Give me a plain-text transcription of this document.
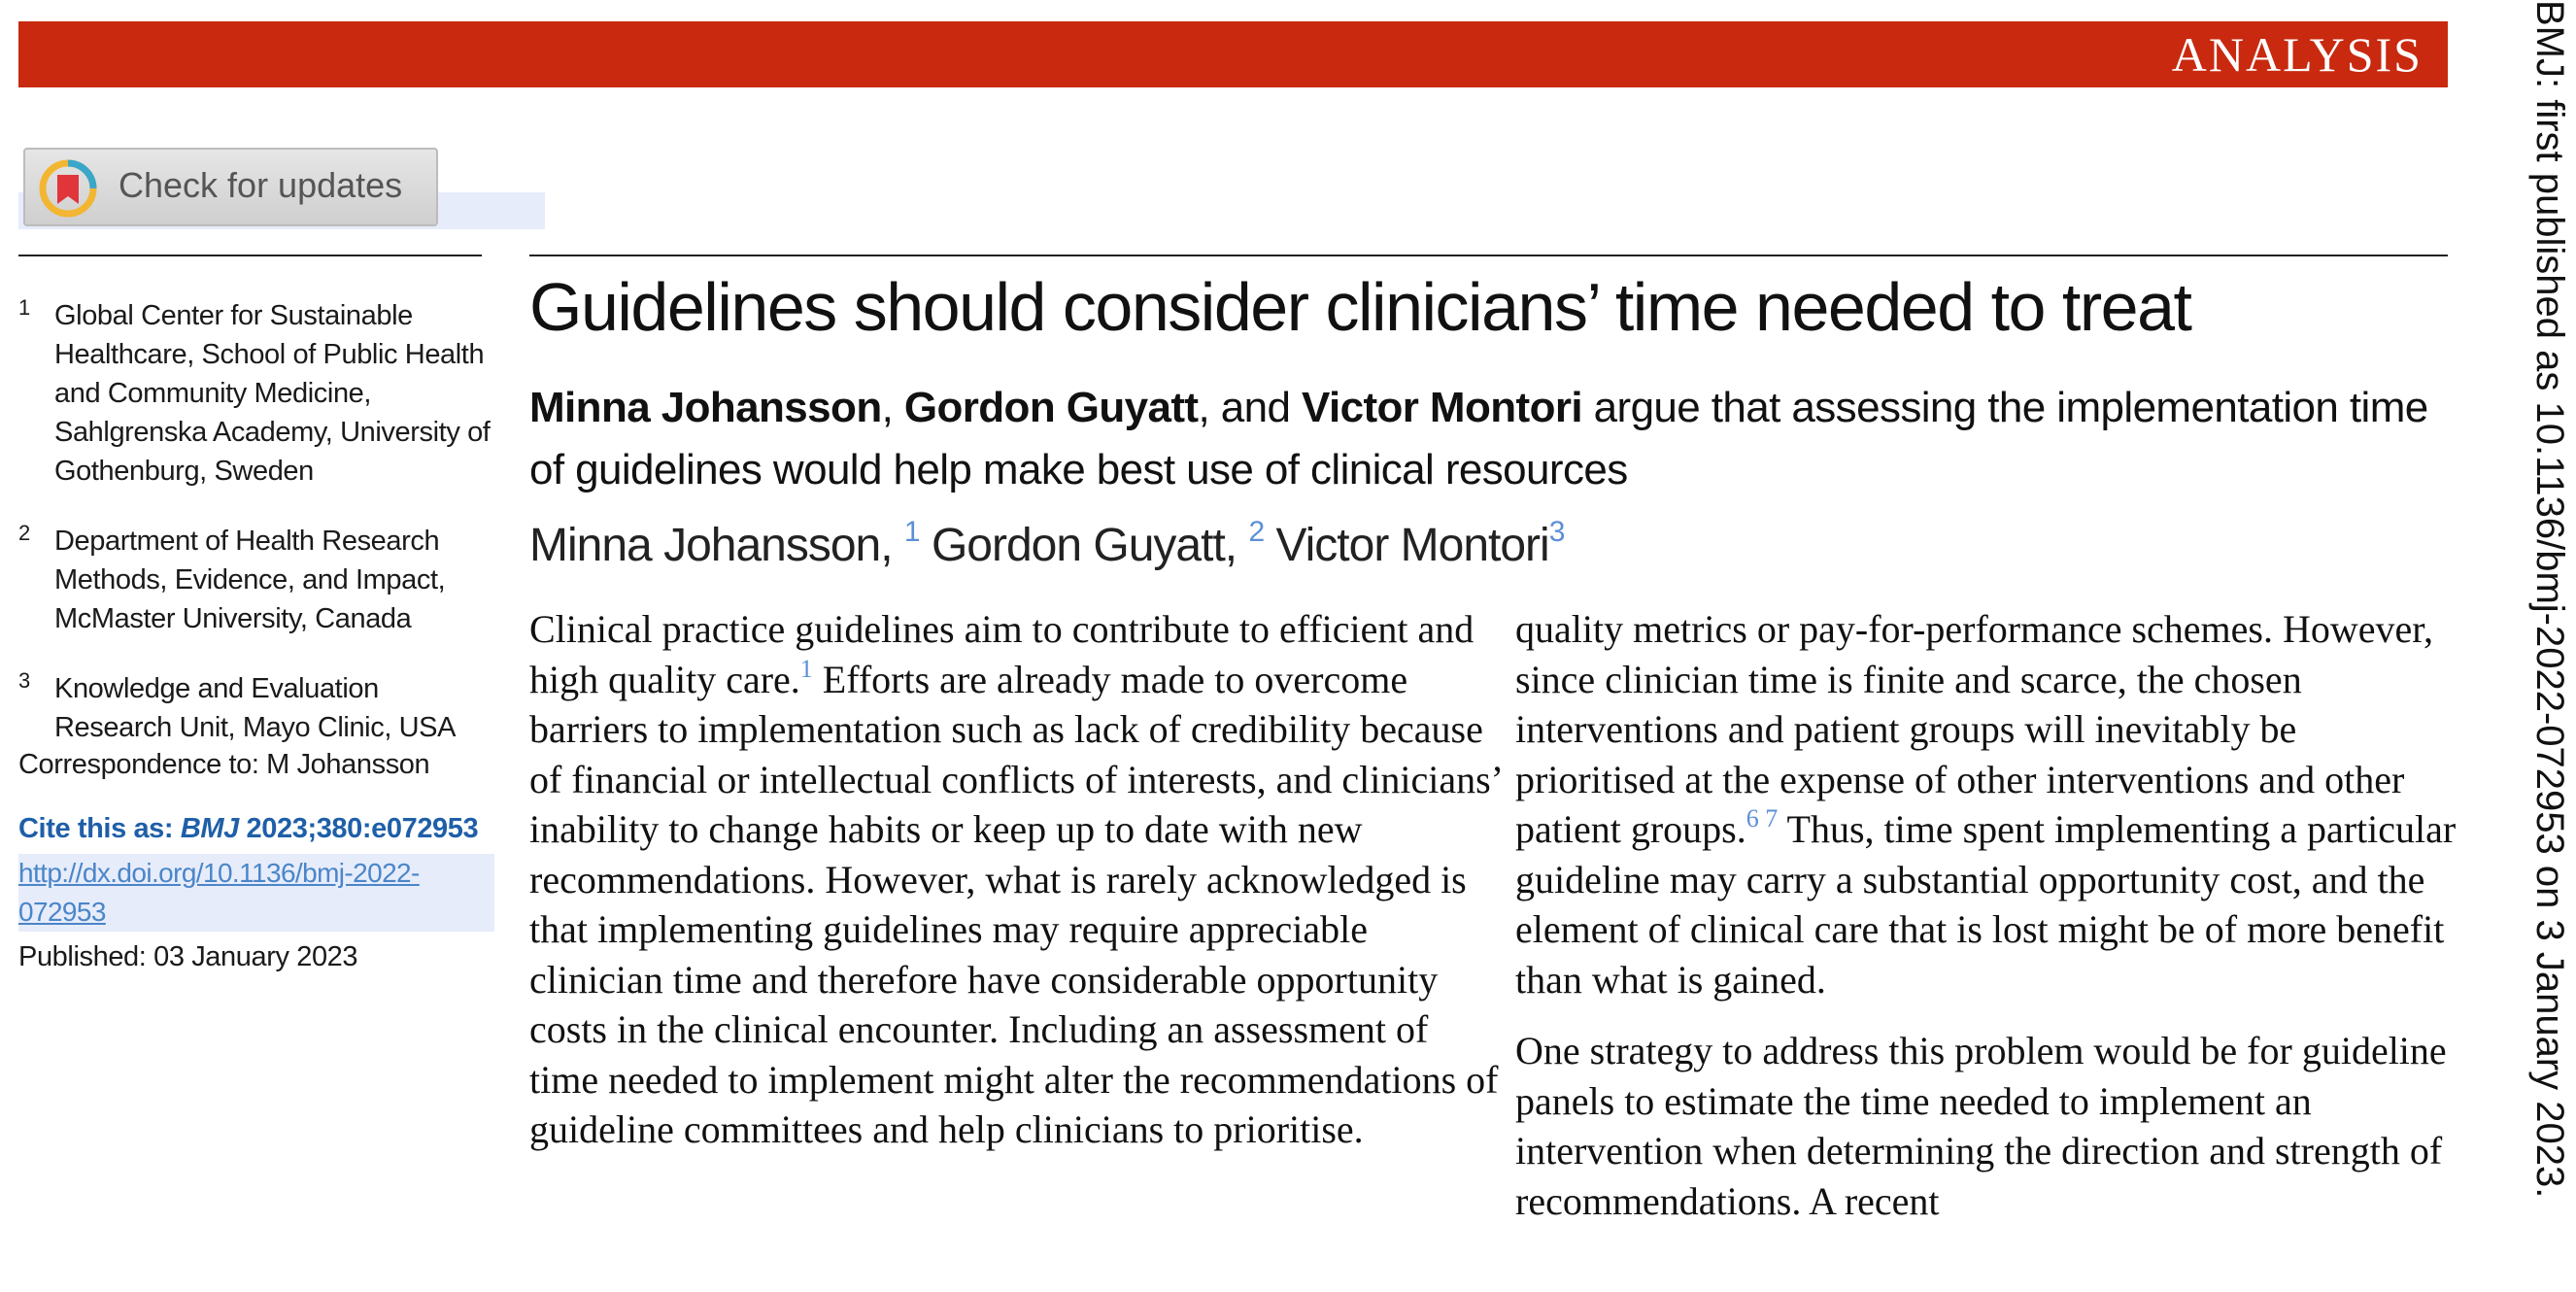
ANALYSIS
Check for updates
1 Global Center for Sustainable Healthcare, School of Public Health and Community Medicine, Sahlgrenska Academy, University of Gothenburg, Sweden
2 Department of Health Research Methods, Evidence, and Impact, McMaster University, Canada
3 Knowledge and Evaluation Research Unit, Mayo Clinic, USA
Correspondence to: M Johansson
Cite this as: BMJ 2023;380:e072953
http://dx.doi.org/10.1136/bmj-2022-072953
Published: 03 January 2023
Guidelines should consider clinicians’ time needed to treat
Minna Johansson, Gordon Guyatt, and Victor Montori argue that assessing the implementation time of guidelines would help make best use of clinical resources
Minna Johansson, $^1$ Gordon Guyatt, $^2$ Victor Montori$^3$

Clinical practice guidelines aim to contribute to efficient and high quality care.$^1$ Efforts are already made to overcome barriers to implementation such as lack of credibility because of financial or intellectual conflicts of interests, and clinicians’ inability to change habits or keep up to date with new recommendations. However, what is rarely acknowledged is that implementing guidelines may require appreciable clinician time and therefore have considerable opportunity costs in the clinical encounter. Including an assessment of time needed to implement might alter the recommendations of guideline committees and help clinicians to prioritise.

quality metrics or pay-for-performance schemes. However, since clinician time is finite and scarce, the chosen interventions and patient groups will inevitably be prioritised at the expense of other interventions and other patient groups.$^{6 7}$ Thus, time spent implementing a particular guideline may carry a substantial opportunity cost, and the element of clinical care that is lost might be of more benefit than what is gained.

One strategy to address this problem would be for guideline panels to estimate the time needed to implement an intervention when determining the direction and strength of recommendations. A recent

BMJ: first published as 10.1136/bmj-2022-072953 on 3 January 2023.
